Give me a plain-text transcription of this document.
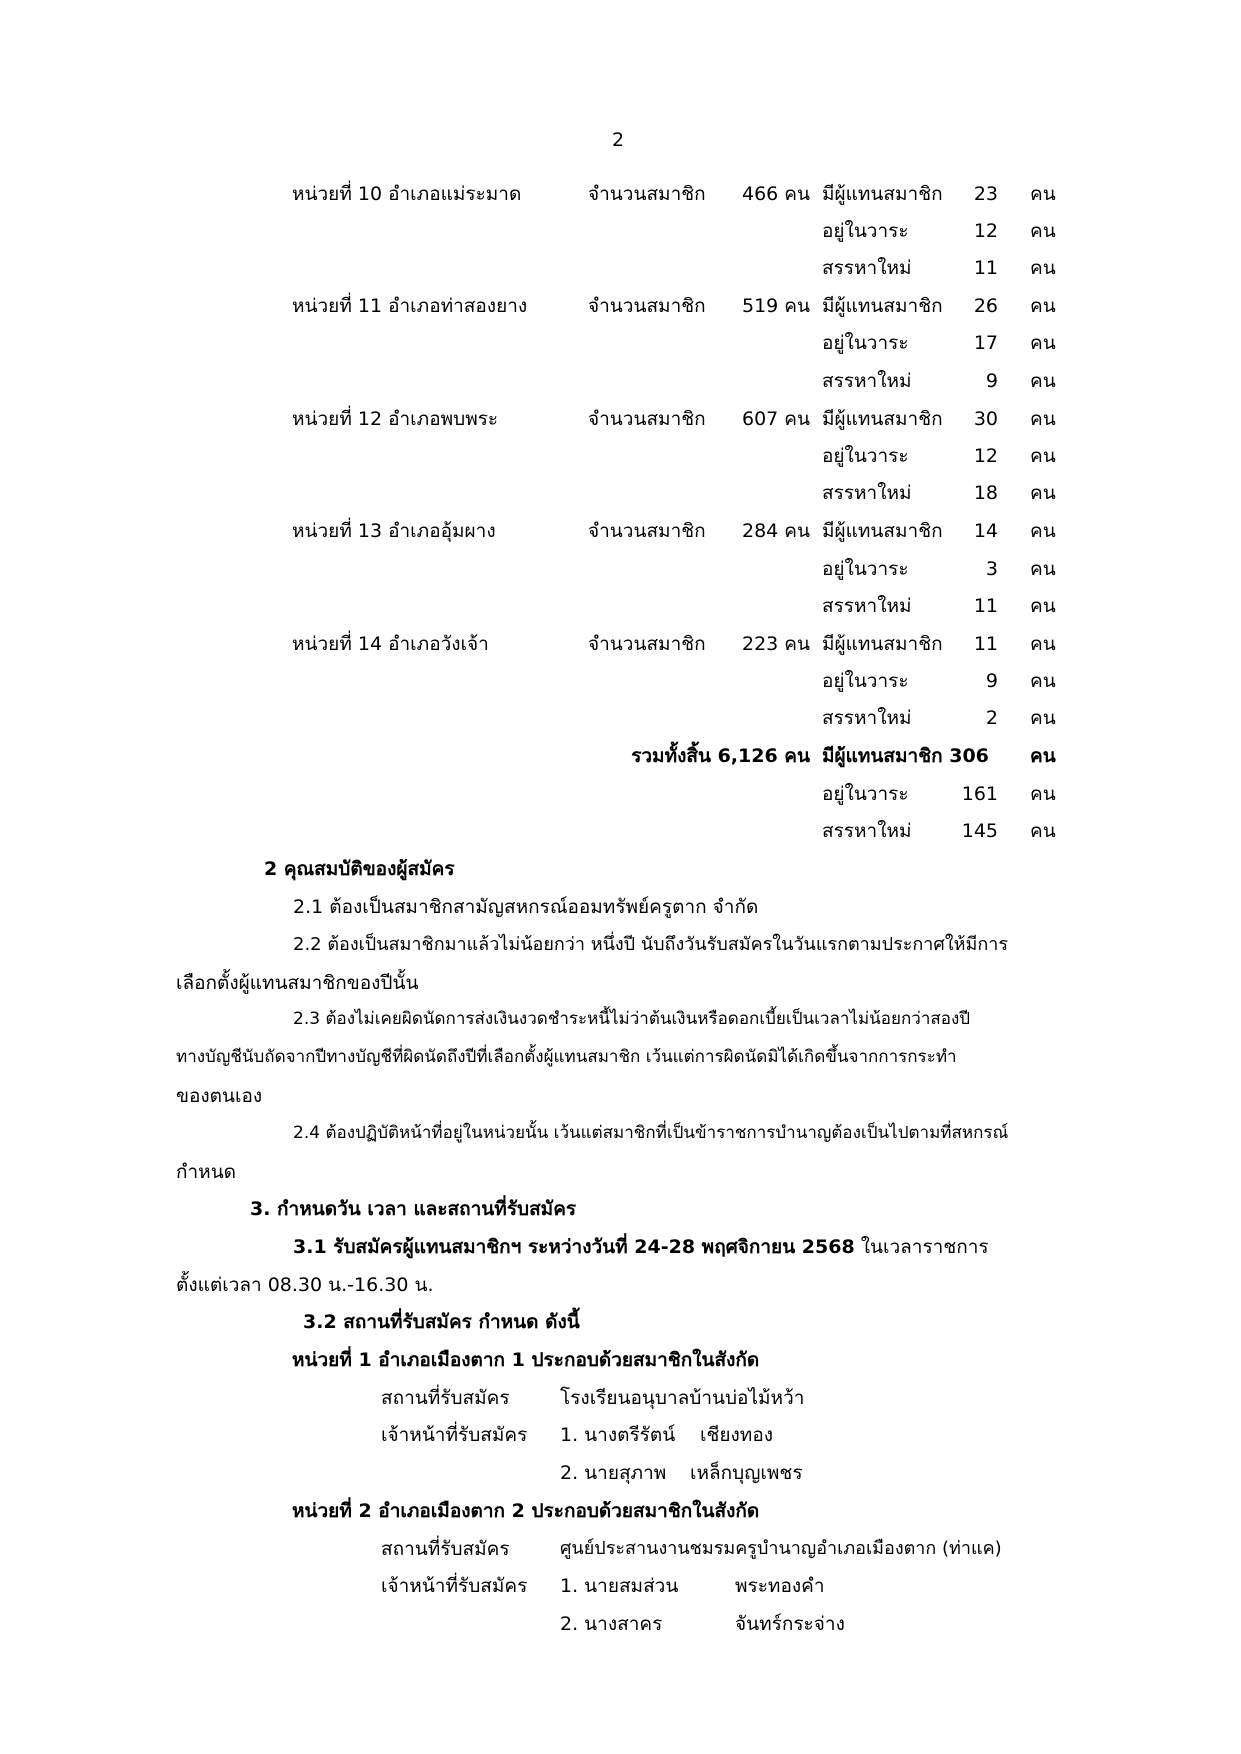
2
หน่วยที่ 10 อำเภอแม่ระมาด	จำนวนสมาชิก	466 คน มีผู้แทนสมาชิก	23 คน
อยู่ในวาระ	12 คน
สรรหาใหม่	11 คน
หน่วยที่ 11 อำเภอท่าสองยาง	จำนวนสมาชิก	519 คน มีผู้แทนสมาชิก	26 คน
อยู่ในวาระ	17 คน
สรรหาใหม่	9 คน
หน่วยที่ 12 อำเภอพบพระ	จำนวนสมาชิก	607 คน มีผู้แทนสมาชิก	30 คน
อยู่ในวาระ	12 คน
สรรหาใหม่	18 คน
หน่วยที่ 13 อำเภออุ้มผาง	จำนวนสมาชิก	284 คน มีผู้แทนสมาชิก	14 คน
อยู่ในวาระ	3 คน
สรรหาใหม่	11 คน
หน่วยที่ 14 อำเภอวังเจ้า	จำนวนสมาชิก	223 คน มีผู้แทนสมาชิก	11 คน
อยู่ในวาระ	9 คน
สรรหาใหม่	2 คน
รวมทั้งสิ้น 6,126 คน มีผู้แทนสมาชิก 306 คน
อยู่ในวาระ	161 คน
สรรหาใหม่	145 คน
2 คุณสมบัติของผู้สมัคร
2.1 ต้องเป็นสมาชิกสามัญสหกรณ์ออมทรัพย์ครูตาก จำกัด
2.2 ต้องเป็นสมาชิกมาแล้วไม่น้อยกว่า หนึ่งปี นับถึงวันรับสมัครในวันแรกตามประกาศให้มีการ
เลือกตั้งผู้แทนสมาชิกของปีนั้น
2.3 ต้องไม่เคยผิดนัดการส่งเงินงวดชำระหนี้ไม่ว่าต้นเงินหรือดอกเบี้ยเป็นเวลาไม่น้อยกว่าสองปี
ทางบัญชีนับถัดจากปีทางบัญชีที่ผิดนัดถึงปีที่เลือกตั้งผู้แทนสมาชิก เว้นแต่การผิดนัดมิได้เกิดขึ้นจากการกระทำ
ของตนเอง
2.4 ต้องปฏิบัติหน้าที่อยู่ในหน่วยนั้น เว้นแต่สมาชิกที่เป็นข้าราชการบำนาญต้องเป็นไปตามที่สหกรณ์
กำหนด
3. กำหนดวัน เวลา และสถานที่รับสมัคร
3.1 รับสมัครผู้แทนสมาชิกฯ ระหว่างวันที่ 24-28 พฤศจิกายน 2568 ในเวลาราชการ
ตั้งแต่เวลา 08.30 น.-16.30 น.
3.2 สถานที่รับสมัคร กำหนด ดังนี้
หน่วยที่ 1 อำเภอเมืองตาก 1 ประกอบด้วยสมาชิกในสังกัด
สถานที่รับสมัคร	โรงเรียนอนุบาลบ้านบ่อไม้หว้า
เจ้าหน้าที่รับสมัคร 1. นางตรีรัตน์ เชียงทอง
2. นายสุภาพ เหล็กบุญเพชร
หน่วยที่ 2 อำเภอเมืองตาก 2 ประกอบด้วยสมาชิกในสังกัด
สถานที่รับสมัคร	ศูนย์ประสานงานชมรมครูบำนาญอำเภอเมืองตาก (ท่าแค)
เจ้าหน้าที่รับสมัคร 1. นายสมส่วน	พระทองคำ
2. นางสาคร	จันทร์กระจ่าง
